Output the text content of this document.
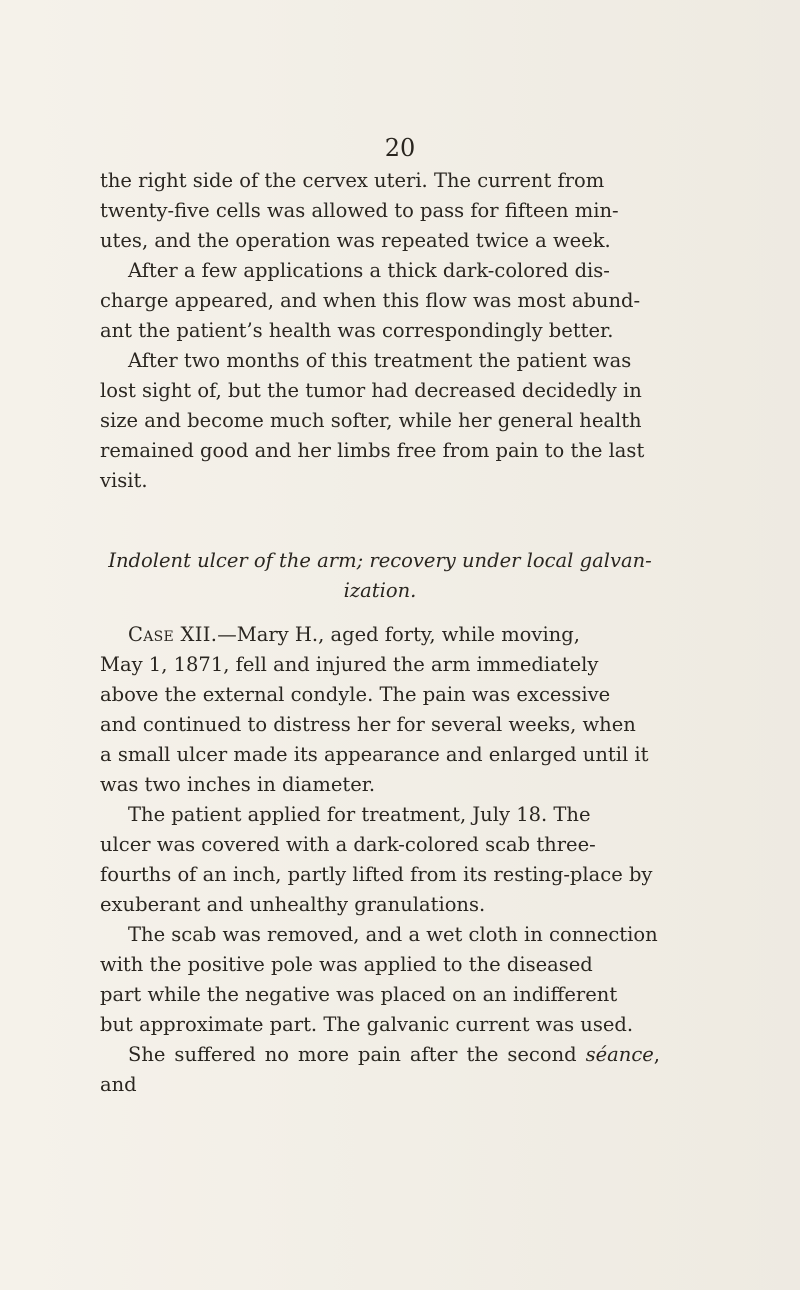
20

the right side of the cervex uteri. The current from

twenty-five cells was allowed to pass for fifteen min-

utes, and the operation was repeated twice a week.

After a few applications a thick dark-colored dis-

charge appeared, and when this flow was most abund-

ant the patient’s health was correspondingly better.

After two months of this treatment the patient was

lost sight of, but the tumor had decreased decidedly in

size and become much softer, while her general health

remained good and her limbs free from pain to the last

visit.

Indolent ulcer of the arm; recovery under local galvan-
ization.

Case XII.—Mary H., aged forty, while moving,

May 1, 1871, fell and injured the arm immediately

above the external condyle. The pain was excessive

and continued to distress her for several weeks, when

a small ulcer made its appearance and enlarged until it

was two inches in diameter.

The patient applied for treatment, July 18. The

ulcer was covered with a dark-colored scab three-

fourths of an inch, partly lifted from its resting-place by

exuberant and unhealthy granulations.

The scab was removed, and a wet cloth in connection

with the positive pole was applied to the diseased

part while the negative was placed on an indifferent

but approximate part. The galvanic current was used.

She suffered no more pain after the second séance, and
